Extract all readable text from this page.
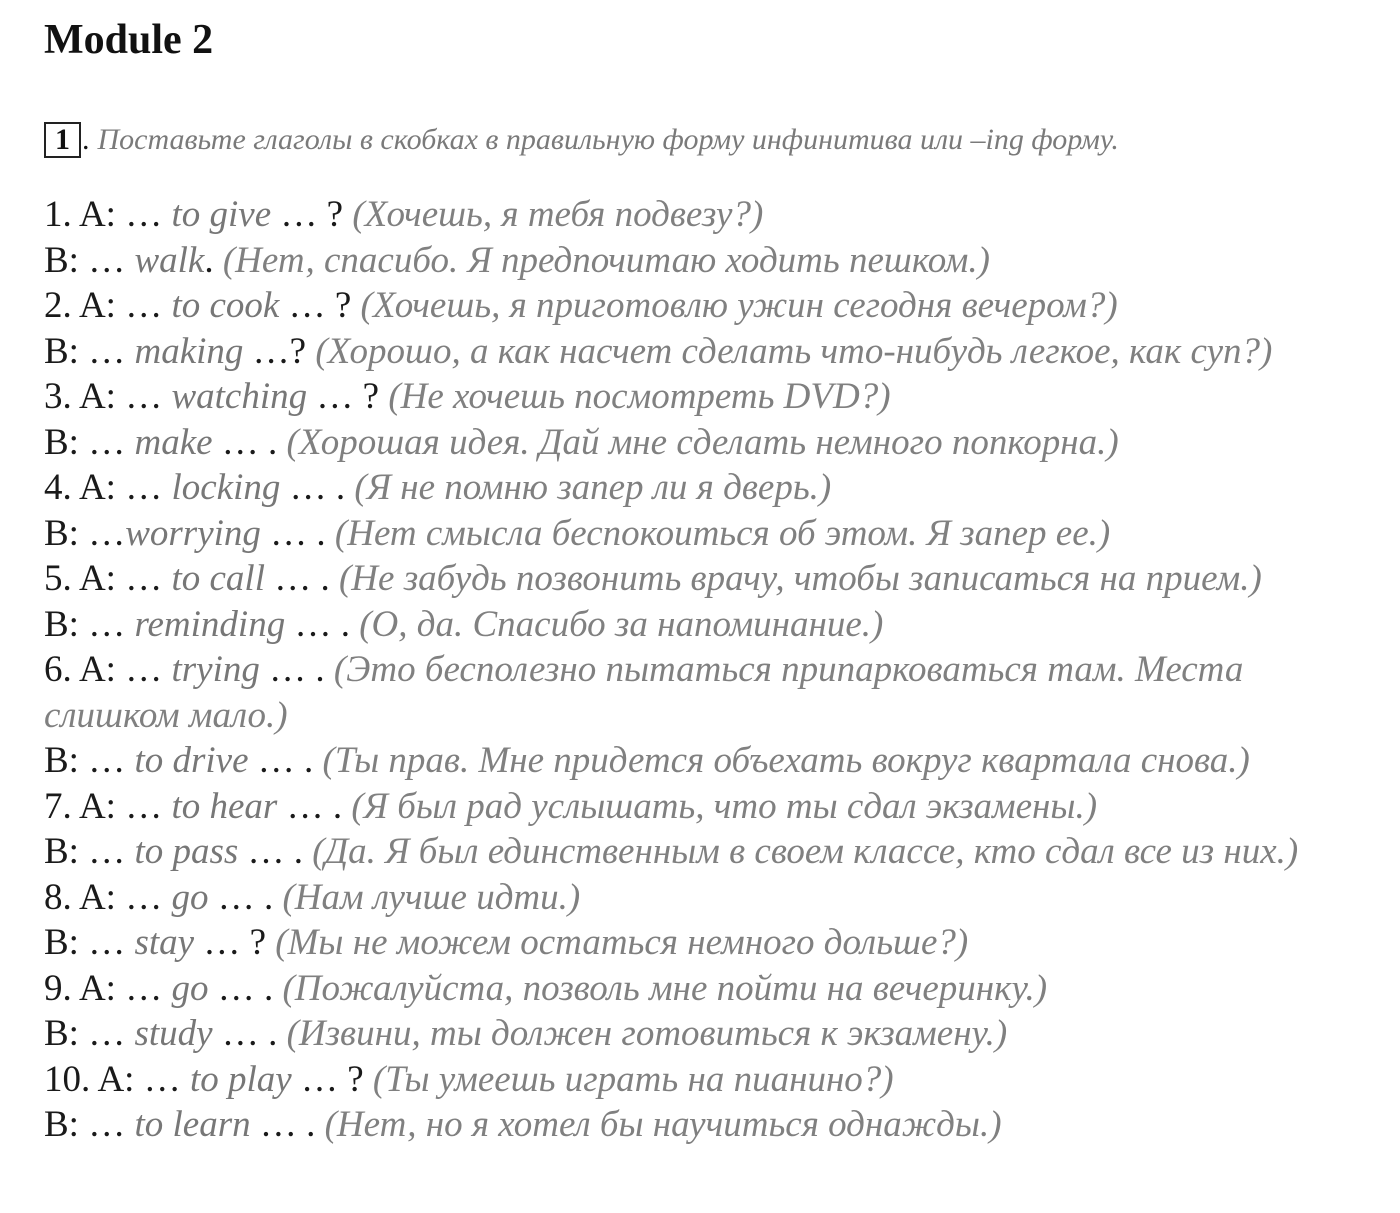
Module 2
1 . Поставьте глаголы в скобках в правильную форму инфинитива или –ing форму.
1. A: … to give … ? (Хочешь, я тебя подвезу?)
B: … walk. (Нет, спасибо. Я предпочитаю ходить пешком.)
2. A: … to cook … ? (Хочешь, я приготовлю ужин сегодня вечером?)
B: … making …? (Хорошо, а как насчет сделать что-нибудь легкое, как суп?)
3. A: … watching … ? (Не хочешь посмотреть DVD?)
B: … make … . (Хорошая идея. Дай мне сделать немного попкорна.)
4. A: … locking … . (Я не помню запер ли я дверь.)
B: …worrying … . (Нет смысла беспокоиться об этом. Я запер ее.)
5. A: … to call … . (Не забудь позвонить врачу, чтобы записаться на прием.)
B: … reminding … . (О, да. Спасибо за напоминание.)
6. A: … trying … . (Это бесполезно пытаться припарковаться там. Места слишком мало.)
B: … to drive … . (Ты прав. Мне придется объехать вокруг квартала снова.)
7. A: … to hear … . (Я был рад услышать, что ты сдал экзамены.)
B: … to pass … . (Да. Я был единственным в своем классе, кто сдал все из них.)
8. A: … go … . (Нам лучше идти.)
B: … stay … ? (Мы не можем остаться немного дольше?)
9. A: … go … . (Пожалуйста, позволь мне пойти на вечеринку.)
B: … study … . (Извини, ты должен готовиться к экзамену.)
10. A: … to play … ? (Ты умеешь играть на пианино?)
B: … to learn … . (Нет, но я хотел бы научиться однажды.)
